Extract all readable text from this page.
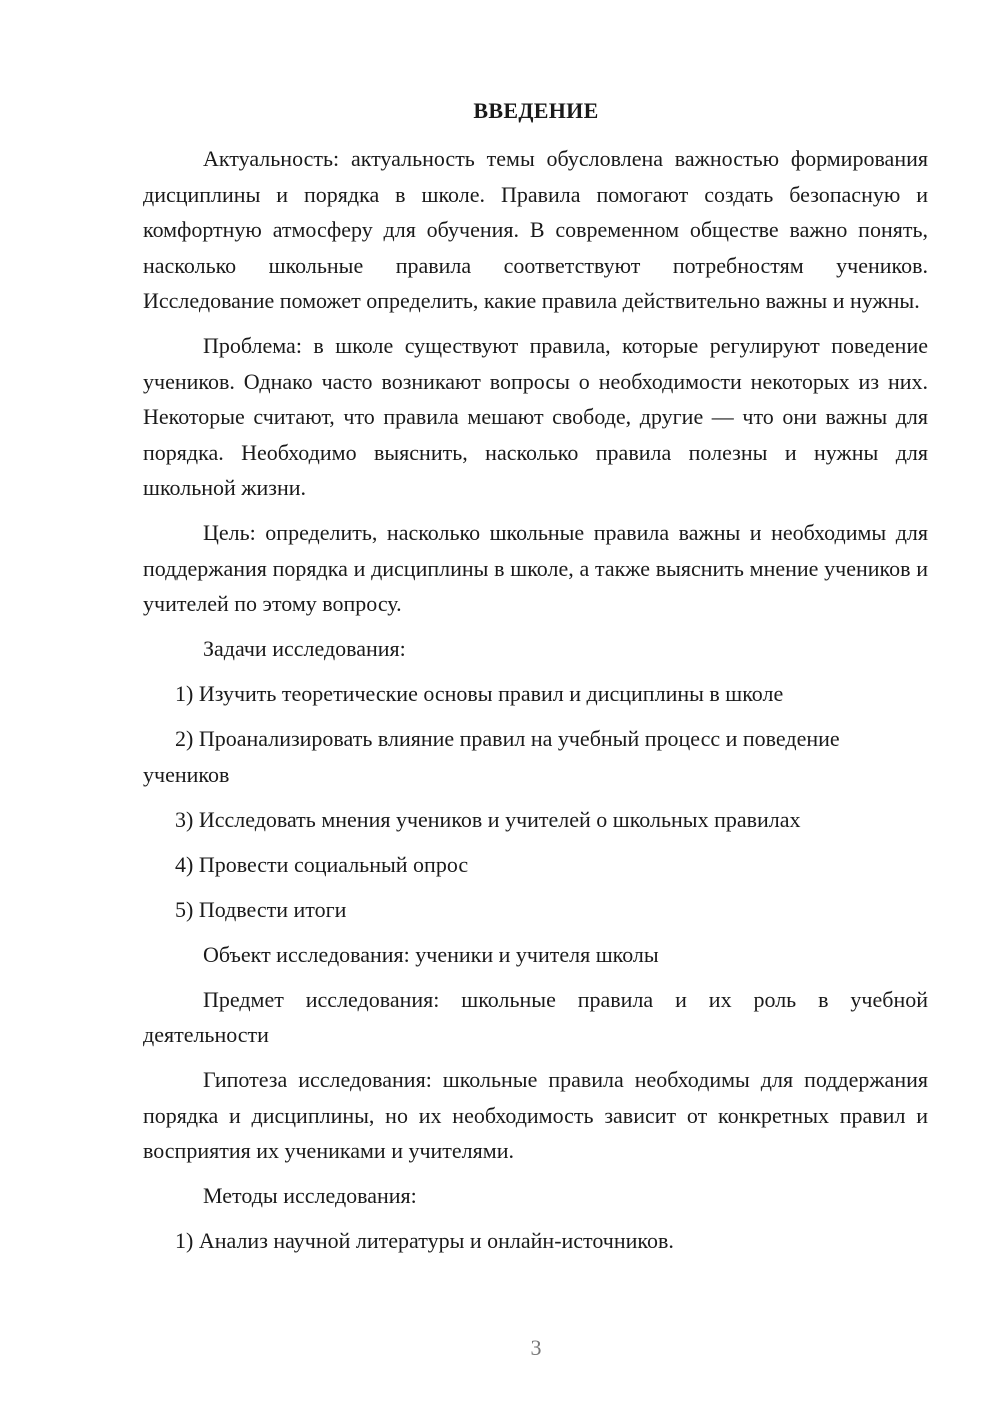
ВВЕДЕНИЕ

Актуальность: актуальность темы обусловлена важностью формирования дисциплины и порядка в школе. Правила помогают создать безопасную и комфортную атмосферу для обучения. В современном обществе важно понять, насколько школьные правила соответствуют потребностям учеников. Исследование поможет определить, какие правила действительно важны и нужны.

Проблема: в школе существуют правила, которые регулируют поведение учеников. Однако часто возникают вопросы о необходимости некоторых из них. Некоторые считают, что правила мешают свободе, другие — что они важны для порядка. Необходимо выяснить, насколько правила полезны и нужны для школьной жизни.

Цель: определить, насколько школьные правила важны и необходимы для поддержания порядка и дисциплины в школе, а также выяснить мнение учеников и учителей по этому вопросу.

Задачи исследования:

1) Изучить теоретические основы правил и дисциплины в школе

2) Проанализировать влияние правил на учебный процесс и поведение учеников

3) Исследовать мнения учеников и учителей о школьных правилах

4) Провести социальный опрос

5) Подвести итоги

Объект исследования: ученики и учителя школы

Предмет исследования: школьные правила и их роль в учебной деятельности

Гипотеза исследования: школьные правила необходимы для поддержания порядка и дисциплины, но их необходимость зависит от конкретных правил и восприятия их учениками и учителями.

Методы исследования:

1) Анализ научной литературы и онлайн-источников.

3
